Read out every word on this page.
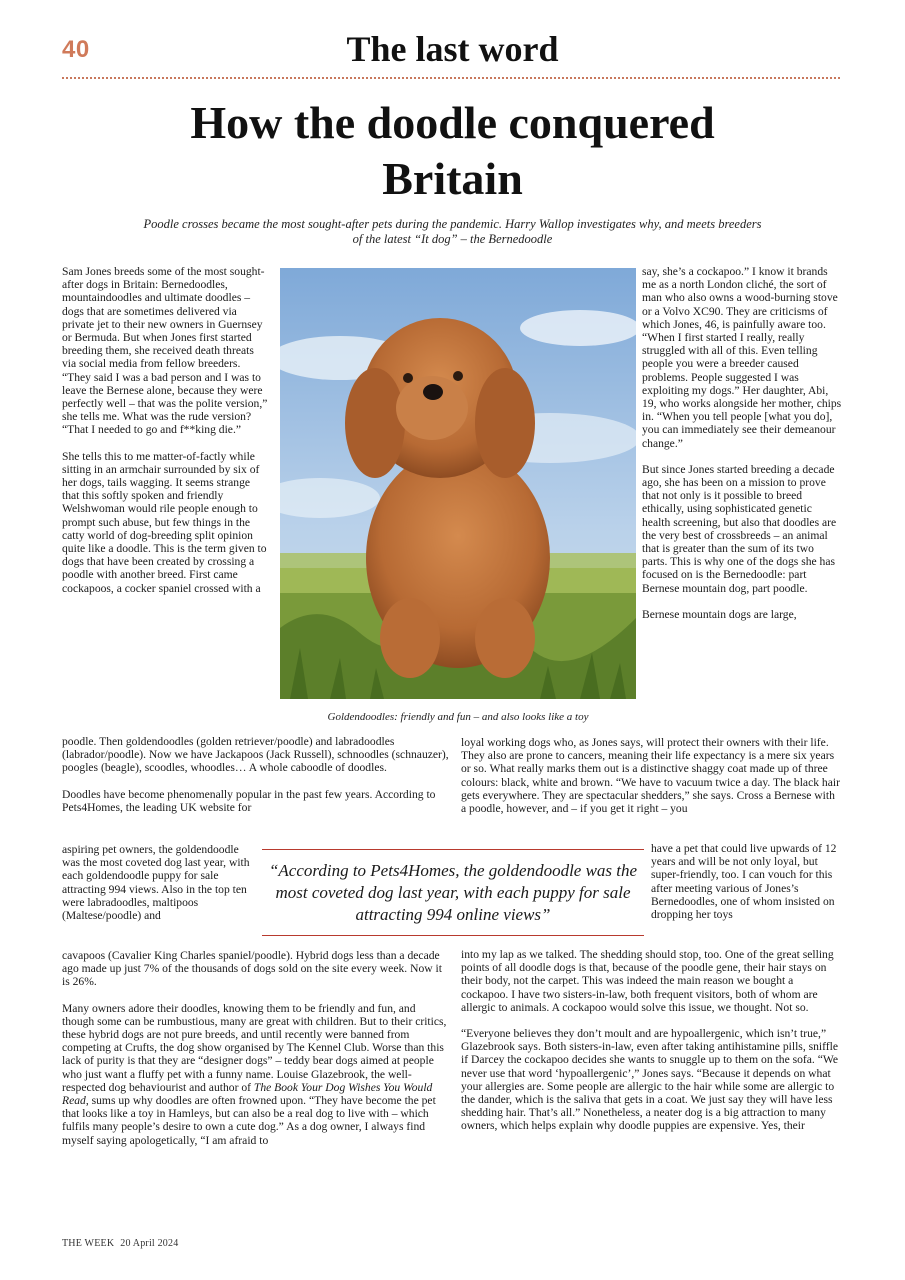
40	The last word
How the doodle conquered Britain
Poodle crosses became the most sought-after pets during the pandemic. Harry Wallop investigates why, and meets breeders of the latest “It dog” – the Bernedoodle
Goldendoodles: friendly and fun – and also looks like a toy

Sam Jones breeds some of the most sought-after dogs in Britain: Bernedoodles, mountaindoodles and ultimate doodles – dogs that are sometimes delivered via private jet to their new owners in Guernsey or Bermuda. But when Jones first started breeding them, she received death threats via social media from fellow breeders. “They said I was a bad person and I was to leave the Bernese alone, because they were perfectly well – that was the polite version,” she tells me. What was the rude version? “That I needed to go and f**king die.”

She tells this to me matter-of-factly while sitting in an armchair surrounded by six of her dogs, tails wagging. It seems strange that this softly spoken and friendly Welshwoman would rile people enough to prompt such abuse, but few things in the catty world of dog-breeding split opinion quite like a doodle. This is the term given to dogs that have been created by crossing a poodle with another breed. First came cockapoos, a cocker spaniel crossed with a

poodle. Then goldendoodles (golden retriever/poodle) and labradoodles (labrador/poodle). Now we have Jackapoos (Jack Russell), schnoodles (schnauzer), poogles (beagle), scoodles, whoodles… A whole caboodle of doodles.

Doodles have become phenomenally popular in the past few years. According to Pets4Homes, the leading UK website for

aspiring pet owners, the goldendoodle was the most coveted dog last year, with each goldendoodle puppy for sale attracting 994 views. Also in the top ten were labradoodles, maltipoos (Maltese/poodle) and

cavapoos (Cavalier King Charles spaniel/poodle). Hybrid dogs less than a decade ago made up just 7% of the thousands of dogs sold on the site every week. Now it is 26%.

Many owners adore their doodles, knowing them to be friendly and fun, and though some can be rumbustious, many are great with children. But to their critics, these hybrid dogs are not pure breeds, and until recently were banned from competing at Crufts, the dog show organised by The Kennel Club. Worse than this lack of purity is that they are “designer dogs” – teddy bear dogs aimed at people who just want a fluffy pet with a funny name. Louise Glazebrook, the well-respected dog behaviourist and author of The Book Your Dog Wishes You Would Read, sums up why doodles are often frowned upon. “They have become the pet that looks like a toy in Hamleys, but can also be a real dog to live with – which fulfils many people’s desire to own a cute dog.” As a dog owner, I always find myself saying apologetically, “I am afraid to

say, she’s a cockapoo.” I know it brands me as a north London cliché, the sort of man who also owns a wood-burning stove or a Volvo XC90. They are criticisms of which Jones, 46, is painfully aware too. “When I first started I really, really struggled with all of this. Even telling people you were a breeder caused problems. People suggested I was exploiting my dogs.” Her daughter, Abi, 19, who works alongside her mother, chips in. “When you tell people [what you do], you can immediately see their demeanour change.”

But since Jones started breeding a decade ago, she has been on a mission to prove that not only is it possible to breed ethically, using sophisticated genetic health screening, but also that doodles are the very best of crossbreeds – an animal that is greater than the sum of its two parts. This is why one of the dogs she has focused on is the Bernedoodle: part Bernese mountain dog, part poodle.

Bernese mountain dogs are large,

loyal working dogs who, as Jones says, will protect their owners with their life. They also are prone to cancers, meaning their life expectancy is a mere six years or so. What really marks them out is a distinctive shaggy coat made up of three colours: black, white and brown. “We have to vacuum twice a day. The black hair gets everywhere. They are spectacular shedders,” she says. Cross a Bernese with a poodle, however, and – if you get it right – you

have a pet that could live upwards of 12 years and will be not only loyal, but super-friendly, too. I can vouch for this after meeting various of Jones’s Bernedoodles, one of whom insisted on dropping her toys

into my lap as we talked. The shedding should stop, too. One of the great selling points of all doodle dogs is that, because of the poodle gene, their hair stays on their body, not the carpet. This was indeed the main reason we bought a cockapoo. I have two sisters-in-law, both frequent visitors, both of whom are allergic to animals. A cockapoo would solve this issue, we thought. Not so.

“Everyone believes they don’t moult and are hypoallergenic, which isn’t true,” Glazebrook says. Both sisters-in-law, even after taking antihistamine pills, sniffle if Darcey the cockapoo decides she wants to snuggle up to them on the sofa. “We never use that word ‘hypoallergenic’,” Jones says. “Because it depends on what your allergies are. Some people are allergic to the hair while some are allergic to the dander, which is the saliva that gets in a coat. We just say they will have less shedding hair. That’s all.” Nonetheless, a neater dog is a big attraction to many owners, which helps explain why doodle puppies are expensive. Yes, their

“According to Pets4Homes, the goldendoodle was the most coveted dog last year, with each puppy for sale attracting 994 online views”
THE WEEK 20 April 2024
